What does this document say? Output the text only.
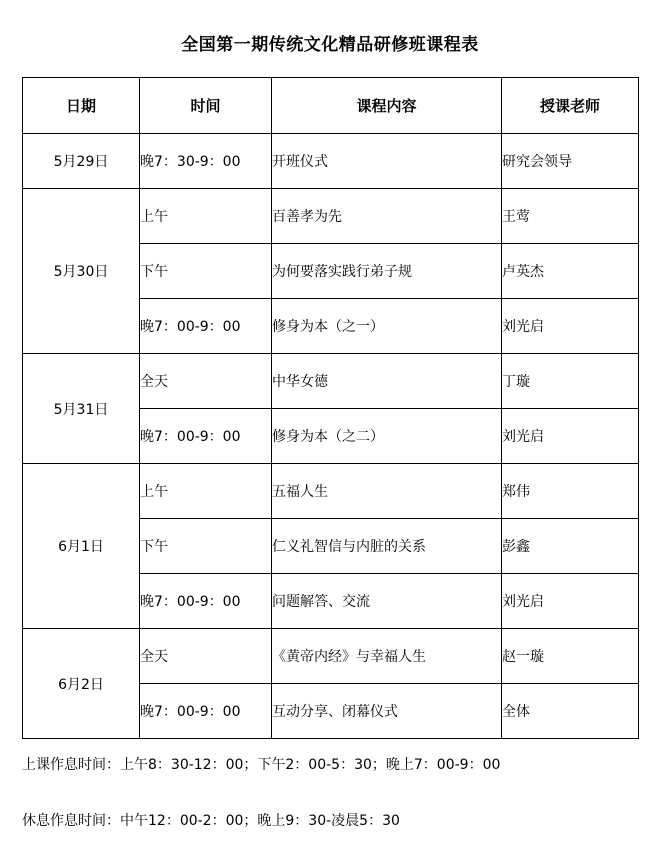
全国第一期传统文化精品研修班课程表
日期	时间	课程内容	授课老师
5月29日	晚7：30-9：00	开班仪式	研究会领导
5月30日	上午	百善孝为先	王莺
	下午	为何要落实践行弟子规	卢英杰
	晚7：00-9：00	修身为本（之一）	刘光启
5月31日	全天	中华女德	丁璇
	晚7：00-9：00	修身为本（之二）	刘光启
6月1日	上午	五福人生	郑伟
	下午	仁义礼智信与内脏的关系	彭鑫
	晚7：00-9：00	问题解答、交流	刘光启
6月2日	全天	《黄帝内经》与幸福人生	赵一璇
	晚7：00-9：00	互动分享、闭幕仪式	全体
上课作息时间：上午8：30-12：00；下午2：00-5：30；晚上7：00-9：00
休息作息时间：中午12：00-2：00；晚上9：30-凌晨5：30
